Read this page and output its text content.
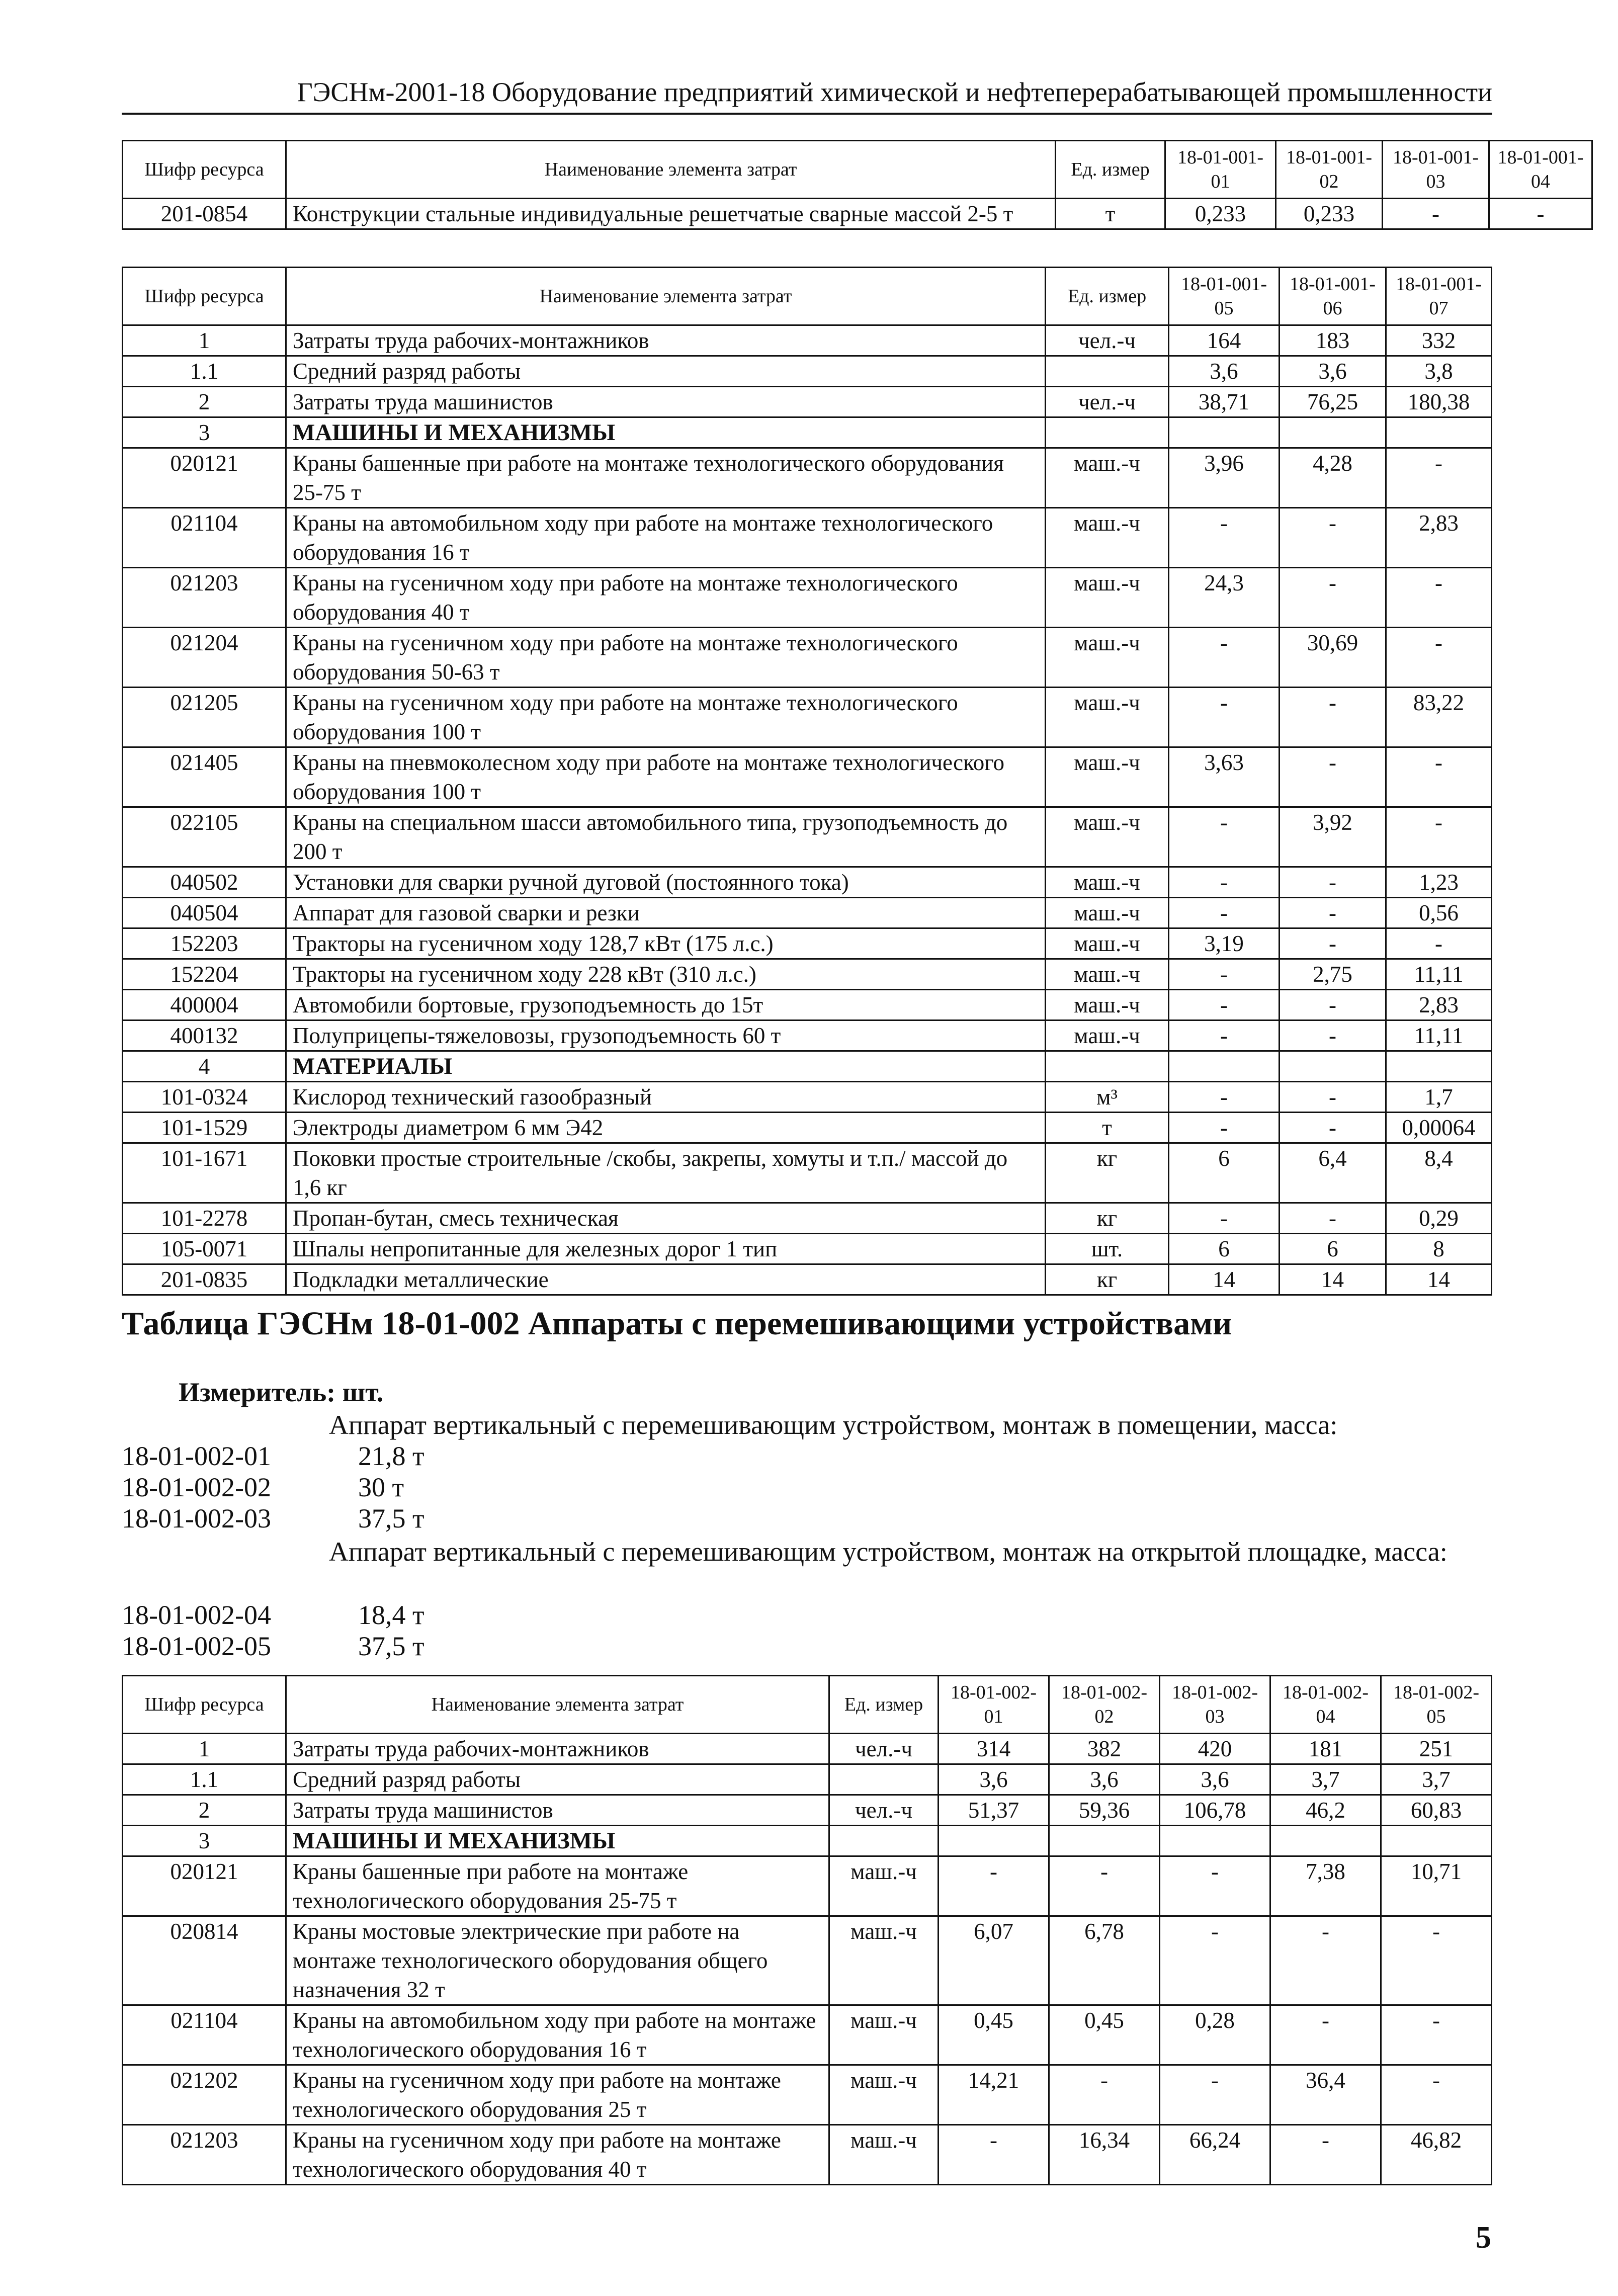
ГЭСНм-2001-18 Оборудование предприятий химической и нефтеперерабатывающей промышленности
Шифр ресурса	Наименование элемента затрат	Ед. измер	18-01-001-01	18-01-001-02	18-01-001-03	18-01-001-04
201-0854	Конструкции стальные индивидуальные решетчатые сварные массой 2-5 т	т	0,233	0,233	-	-
Шифр ресурса	Наименование элемента затрат	Ед. измер	18-01-001-05	18-01-001-06	18-01-001-07
1	Затраты труда рабочих-монтажников	чел.-ч	164	183	332
1.1	Средний разряд работы		3,6	3,6	3,8
2	Затраты труда машинистов	чел.-ч	38,71	76,25	180,38
3	МАШИНЫ И МЕХАНИЗМЫ				
020121	Краны башенные при работе на монтаже технологического оборудования 25-75 т	маш.-ч	3,96	4,28	-
021104	Краны на автомобильном ходу при работе на монтаже технологического оборудования 16 т	маш.-ч	-	-	2,83
021203	Краны на гусеничном ходу при работе на монтаже технологического оборудования 40 т	маш.-ч	24,3	-	-
021204	Краны на гусеничном ходу при работе на монтаже технологического оборудования 50-63 т	маш.-ч	-	30,69	-
021205	Краны на гусеничном ходу при работе на монтаже технологического оборудования 100 т	маш.-ч	-	-	83,22
021405	Краны на пневмоколесном ходу при работе на монтаже технологического оборудования 100 т	маш.-ч	3,63	-	-
022105	Краны на специальном шасси автомобильного типа, грузоподъемность до 200 т	маш.-ч	-	3,92	-
040502	Установки для сварки ручной дуговой (постоянного тока)	маш.-ч	-	-	1,23
040504	Аппарат для газовой сварки и резки	маш.-ч	-	-	0,56
152203	Тракторы на гусеничном ходу 128,7 кВт (175 л.с.)	маш.-ч	3,19	-	-
152204	Тракторы на гусеничном ходу 228 кВт (310 л.с.)	маш.-ч	-	2,75	11,11
400004	Автомобили бортовые, грузоподъемность до 15т	маш.-ч	-	-	2,83
400132	Полуприцепы-тяжеловозы, грузоподъемность 60 т	маш.-ч	-	-	11,11
4	МАТЕРИАЛЫ				
101-0324	Кислород технический газообразный	м³	-	-	1,7
101-1529	Электроды диаметром 6 мм Э42	т	-	-	0,00064
101-1671	Поковки простые строительные /скобы, закрепы, хомуты и т.п./ массой до 1,6 кг	кг	6	6,4	8,4
101-2278	Пропан-бутан, смесь техническая	кг	-	-	0,29
105-0071	Шпалы непропитанные для железных дорог 1 тип	шт.	6	6	8
201-0835	Подкладки металлические	кг	14	14	14
Таблица ГЭСНм 18-01-002 Аппараты с перемешивающими устройствами
Измеритель: шт.
Аппарат вертикальный с перемешивающим устройством, монтаж в помещении, масса:
18-01-002-01	21,8 т
18-01-002-02	30 т
18-01-002-03	37,5 т
Аппарат вертикальный с перемешивающим устройством, монтаж на открытой площадке, масса:
18-01-002-04	18,4 т
18-01-002-05	37,5 т
Шифр ресурса	Наименование элемента затрат	Ед. измер	18-01-002-01	18-01-002-02	18-01-002-03	18-01-002-04	18-01-002-05
1	Затраты труда рабочих-монтажников	чел.-ч	314	382	420	181	251
1.1	Средний разряд работы		3,6	3,6	3,6	3,7	3,7
2	Затраты труда машинистов	чел.-ч	51,37	59,36	106,78	46,2	60,83
3	МАШИНЫ И МЕХАНИЗМЫ						
020121	Краны башенные при работе на монтаже технологического оборудования 25-75 т	маш.-ч	-	-	-	7,38	10,71
020814	Краны мостовые электрические при работе на монтаже технологического оборудования общего назначения 32 т	маш.-ч	6,07	6,78	-	-	-
021104	Краны на автомобильном ходу при работе на монтаже технологического оборудования 16 т	маш.-ч	0,45	0,45	0,28	-	-
021202	Краны на гусеничном ходу при работе на монтаже технологического оборудования 25 т	маш.-ч	14,21	-	-	36,4	-
021203	Краны на гусеничном ходу при работе на монтаже технологического оборудования 40 т	маш.-ч	-	16,34	66,24	-	46,82
5
